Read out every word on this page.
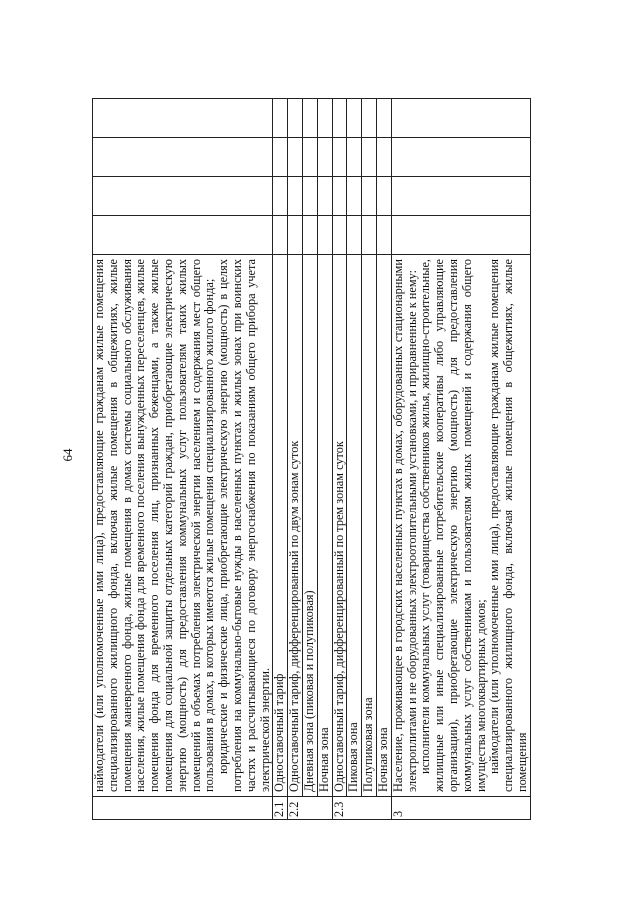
64

	наймодатели (или уполномоченные ими лица), предоставляющие гражданам жилые помещения специализированного жилищного фонда, включая жилые помещения в общежитиях, жилые помещения маневренного фонда, жилые помещения в домах системы социального обслуживания населения, жилые помещения фонда для временного поселения вынужденных переселенцев, жилые помещения фонда для временного поселения лиц, признанных беженцами, а также жилые помещения для социальной защиты отдельных категорий граждан, приобретающие электрическую энергию (мощность) для предоставления коммунальных услуг пользователям таких жилых помещений в объемах потребления электрической энергии населением и содержания мест общего пользования в домах, в которых имеются жилые помещения специализированного жилого фонда; юридические и физические лица, приобретающие электрическую энергию (мощность) в целях потребления на коммунально-бытовые нужды в населенных пунктах и жилых зонах при воинских частях и рассчитывающиеся по договору энергоснабжения по показаниям общего прибора учета электрической энергии.				

2.1	Одноставочный тариф				
2.2	Одноставочный тариф, дифференцированный по двум зонам суток				
	Дневная зона (пиковая и полупиковая)				
	Ночная зона				
2.3	Одноставочный тариф, дифференцированный по трем зонам суток				
	Пиковая зона				
	Полупиковая зона				
	Ночная зона				
3	Население, проживающее в городских населенных пунктах в домах, оборудованных стационарными электроплитами и не оборудованных электроотопительными установками, и приравненные к нему: исполнители коммунальных услуг (товарищества собственников жилья, жилищно-строительные, жилищные или иные специализированные потребительские кооперативы либо управляющие организации), приобретающие электрическую энергию (мощность) для предоставления коммунальных услуг собственникам и пользователям жилых помещений и содержания общего имущества многоквартирных домов; наймодатели (или уполномоченные ими лица), предоставляющие гражданам жилые помещения специализированного жилищного фонда, включая жилые помещения в общежитиях, жилые помещения				
